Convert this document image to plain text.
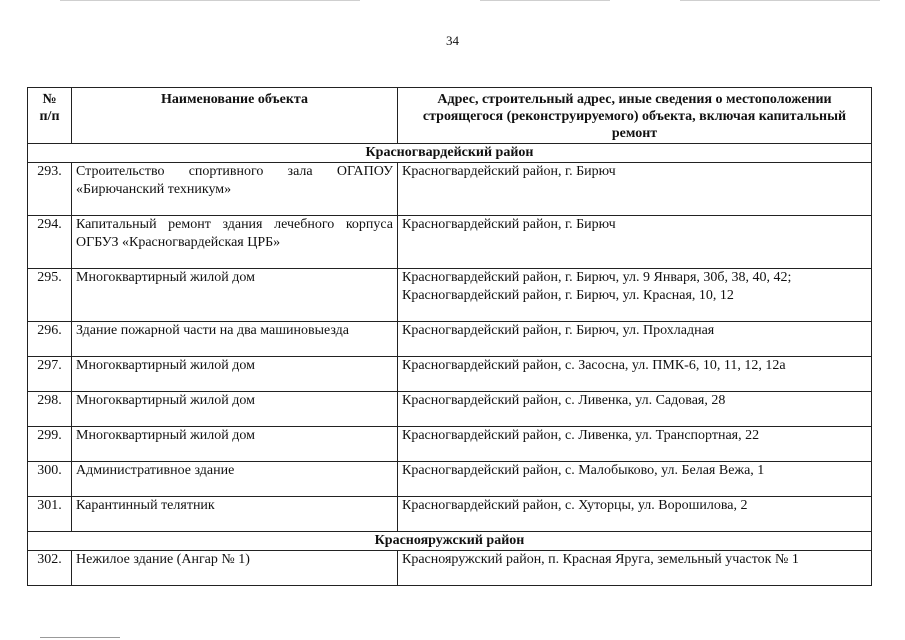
34
№
п/п	Наименование объекта	Адрес, строительный адрес, иные сведения о местоположении строящегося (реконструируемого) объекта, включая капитальный ремонт
Красногвардейский район		
293.	Строительство спортивного зала ОГАПОУ «Бирючанский техникум»	Красногвардейский район, г. Бирюч
294.	Капитальный ремонт здания лечебного корпуса ОГБУЗ «Красногвардейская ЦРБ»	Красногвардейский район, г. Бирюч
295.	Многоквартирный жилой дом	Красногвардейский район, г. Бирюч, ул. 9 Января, 30б, 38, 40, 42; Красногвардейский район, г. Бирюч, ул. Красная, 10, 12
296.	Здание пожарной части на два машиновыезда	Красногвардейский район, г. Бирюч, ул. Прохладная
297.	Многоквартирный жилой дом	Красногвардейский район, с. Засосна, ул. ПМК-6, 10, 11, 12, 12а
298.	Многоквартирный жилой дом	Красногвардейский район, с. Ливенка, ул. Садовая, 28
299.	Многоквартирный жилой дом	Красногвардейский район, с. Ливенка, ул. Транспортная, 22
300.	Административное здание	Красногвардейский район, с. Малобыково, ул. Белая Вежа, 1
301.	Карантинный телятник	Красногвардейский район, с. Хуторцы, ул. Ворошилова, 2
Краснояружский район		
302.	Нежилое здание (Ангар № 1)	Краснояружский район, п. Красная Яруга, земельный участок № 1
